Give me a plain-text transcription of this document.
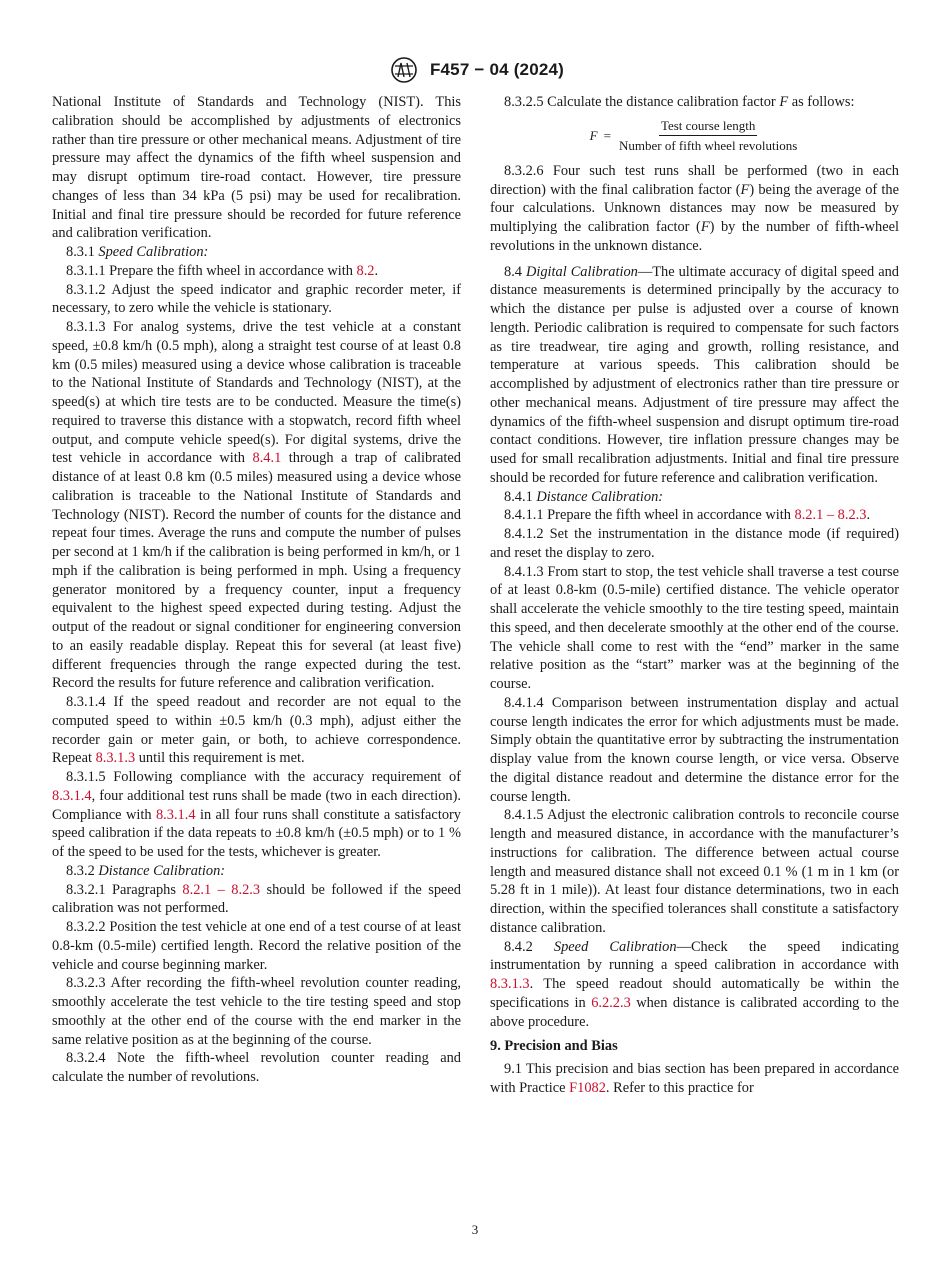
F457 − 04 (2024)

National Institute of Standards and Technology (NIST). This calibration should be accomplished by adjustments of electronics rather than tire pressure or other mechanical means. Adjustment of tire pressure may affect the dynamics of the fifth wheel suspension and may disrupt optimum tire-road contact. However, tire pressure changes of less than 34 kPa (5 psi) may be used for recalibration. Initial and final tire pressure should be recorded for future reference and calibration verification.

8.3.1 Speed Calibration:

8.3.1.1 Prepare the fifth wheel in accordance with 8.2.

8.3.1.2 Adjust the speed indicator and graphic recorder meter, if necessary, to zero while the vehicle is stationary.

8.3.1.3 For analog systems, drive the test vehicle at a constant speed, ±0.8 km/h (0.5 mph), along a straight test course of at least 0.8 km (0.5 miles) measured using a device whose calibration is traceable to the National Institute of Standards and Technology (NIST), at the speed(s) at which tire tests are to be conducted. Measure the time(s) required to traverse this distance with a stopwatch, record fifth wheel output, and compute vehicle speed(s). For digital systems, drive the test vehicle in accordance with 8.4.1 through a trap of calibrated distance of at least 0.8 km (0.5 miles) measured using a device whose calibration is traceable to the National Institute of Standards and Technology (NIST). Record the number of counts for the distance and repeat four times. Average the runs and compute the number of pulses per second at 1 km/h if the calibration is being performed in km/h, or 1 mph if the calibration is being performed in mph. Using a frequency generator monitored by a frequency counter, input a frequency equivalent to the highest speed expected during testing. Adjust the output of the readout or signal conditioner for engineering conversion to an easily readable display. Repeat this for several (at least five) different frequencies through the range expected during the test. Record the results for future reference and calibration verification.

8.3.1.4 If the speed readout and recorder are not equal to the computed speed to within ±0.5 km/h (0.3 mph), adjust either the recorder gain or meter gain, or both, to achieve correspondence. Repeat 8.3.1.3 until this requirement is met.

8.3.1.5 Following compliance with the accuracy requirement of 8.3.1.4, four additional test runs shall be made (two in each direction). Compliance with 8.3.1.4 in all four runs shall constitute a satisfactory speed calibration if the data repeats to ±0.8 km/h (±0.5 mph) or to 1 % of the speed to be used for the tests, whichever is greater.

8.3.2 Distance Calibration:

8.3.2.1 Paragraphs 8.2.1 – 8.2.3 should be followed if the speed calibration was not performed.

8.3.2.2 Position the test vehicle at one end of a test course of at least 0.8-km (0.5-mile) certified length. Record the relative position of the vehicle and course beginning marker.

8.3.2.3 After recording the fifth-wheel revolution counter reading, smoothly accelerate the test vehicle to the tire testing speed and stop smoothly at the other end of the course with the end marker in the same relative position as at the beginning of the course.

8.3.2.4 Note the fifth-wheel revolution counter reading and calculate the number of revolutions.

8.3.2.5 Calculate the distance calibration factor F as follows:

$F = \frac{\text{Test course length}}{\text{Number of fifth wheel revolutions}}$

8.3.2.6 Four such test runs shall be performed (two in each direction) with the final calibration factor (F) being the average of the four calculations. Unknown distances may now be measured by multiplying the calibration factor (F) by the number of fifth-wheel revolutions in the unknown distance.

8.4 Digital Calibration—The ultimate accuracy of digital speed and distance measurements is determined principally by the accuracy to which the distance per pulse is adjusted over a course of known length. Periodic calibration is required to compensate for such factors as tire treadwear, tire aging and growth, rolling resistance, and temperature at various speeds. This calibration should be accomplished by adjustment of electronics rather than tire pressure or other mechanical means. Adjustment of tire pressure may affect the dynamics of the fifth-wheel suspension and disrupt optimum tire-road contact conditions. However, tire inflation pressure changes may be used for small recalibration adjustments. Initial and final tire pressure should be recorded for future reference and calibration verification.

8.4.1 Distance Calibration:

8.4.1.1 Prepare the fifth wheel in accordance with 8.2.1 – 8.2.3.

8.4.1.2 Set the instrumentation in the distance mode (if required) and reset the display to zero.

8.4.1.3 From start to stop, the test vehicle shall traverse a test course of at least 0.8-km (0.5-mile) certified distance. The vehicle operator shall accelerate the vehicle smoothly to the tire testing speed, maintain this speed, and then decelerate smoothly at the other end of the course. The vehicle shall come to rest with the “end” marker in the same relative position as the “start” marker was at the beginning of the course.

8.4.1.4 Comparison between instrumentation display and actual course length indicates the error for which adjustments must be made. Simply obtain the quantitative error by subtracting the instrumentation display value from the known course length, or vice versa. Observe the digital distance readout and determine the distance error for the course length.

8.4.1.5 Adjust the electronic calibration controls to reconcile course length and measured distance, in accordance with the manufacturer’s instructions for calibration. The difference between actual course length and measured distance shall not exceed 0.1 % (1 m in 1 km (or 5.28 ft in 1 mile)). At least four distance determinations, two in each direction, within the specified tolerances shall constitute a satisfactory distance calibration.

8.4.2 Speed Calibration—Check the speed indicating instrumentation by running a speed calibration in accordance with 8.3.1.3. The speed readout should automatically be within the specifications in 6.2.2.3 when distance is calibrated according to the above procedure.

9. Precision and Bias

9.1 This precision and bias section has been prepared in accordance with Practice F1082. Refer to this practice for

3
